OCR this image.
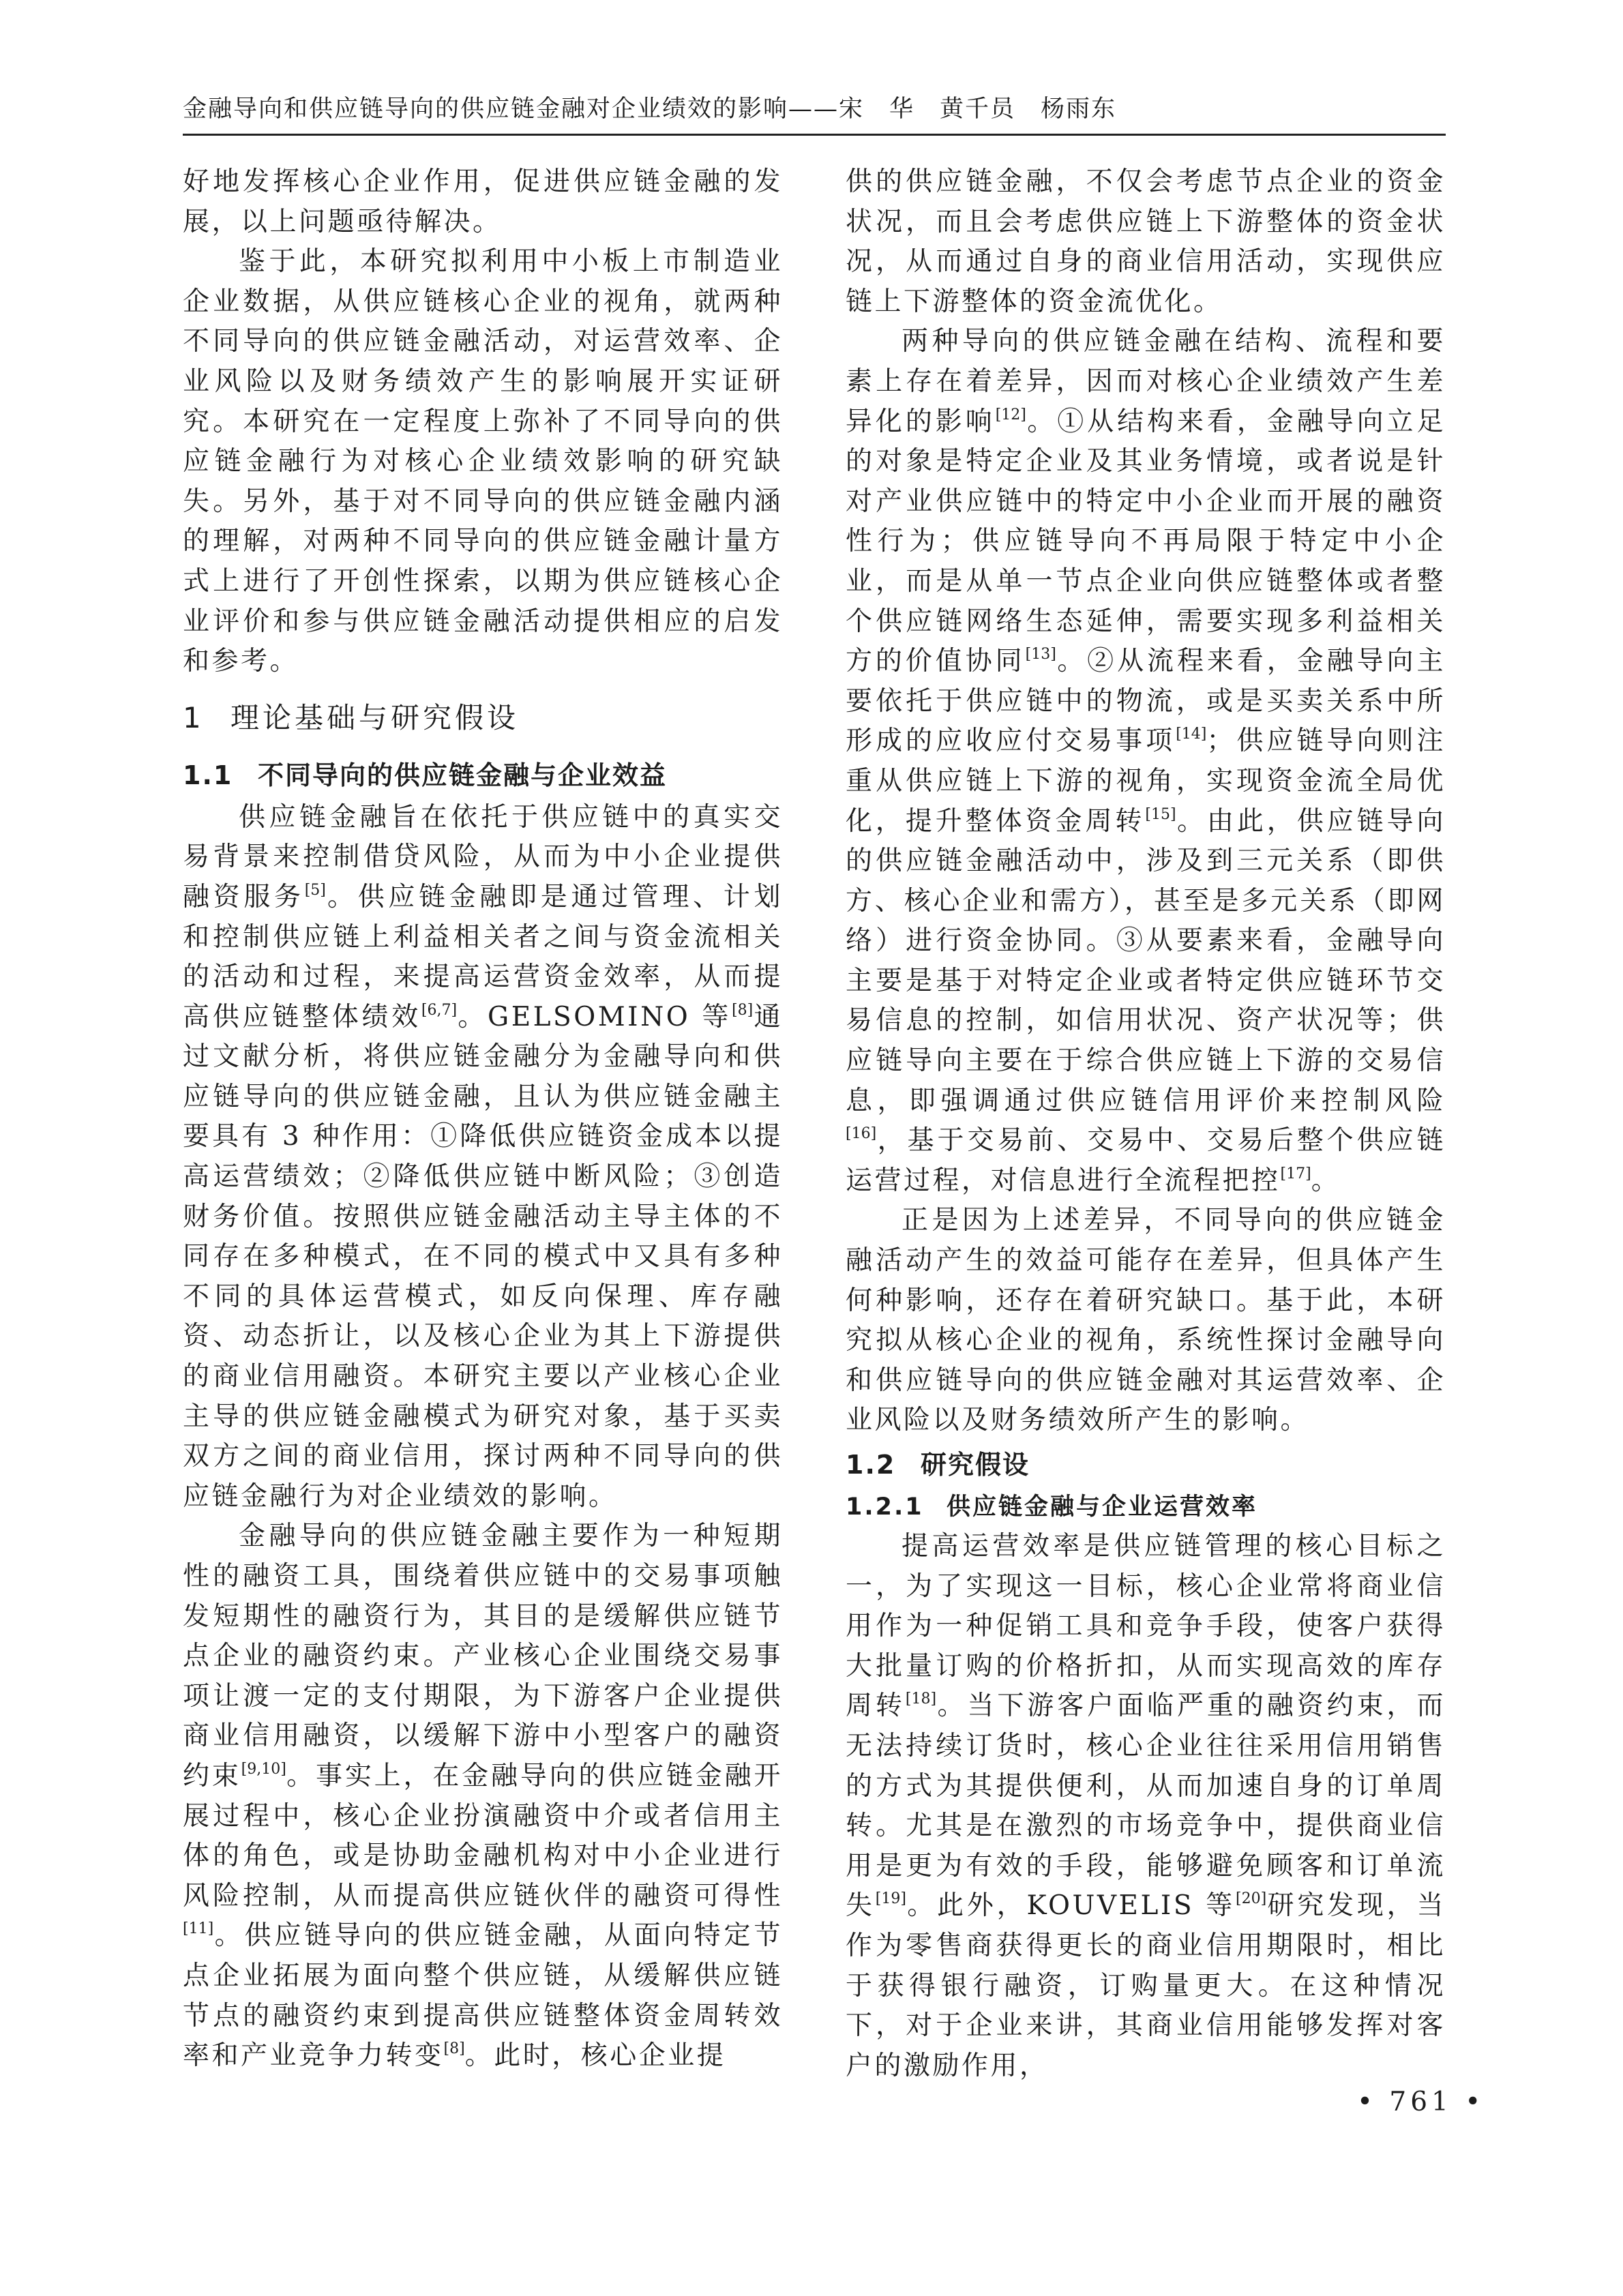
金融导向和供应链导向的供应链金融对企业绩效的影响——宋　华　黄千员　杨雨东

好地发挥核心企业作用，促进供应链金融的发展，以上问题亟待解决。

鉴于此，本研究拟利用中小板上市制造业企业数据，从供应链核心企业的视角，就两种不同导向的供应链金融活动，对运营效率、企业风险以及财务绩效产生的影响展开实证研究。本研究在一定程度上弥补了不同导向的供应链金融行为对核心企业绩效影响的研究缺失。另外，基于对不同导向的供应链金融内涵的理解，对两种不同导向的供应链金融计量方式上进行了开创性探索，以期为供应链核心企业评价和参与供应链金融活动提供相应的启发和参考。

1 理论基础与研究假设
1.1 不同导向的供应链金融与企业效益

供应链金融旨在依托于供应链中的真实交易背景来控制借贷风险，从而为中小企业提供融资服务[5]。供应链金融即是通过管理、计划和控制供应链上利益相关者之间与资金流相关的活动和过程，来提高运营资金效率，从而提高供应链整体绩效[6,7]。GELSOMINO 等[8]通过文献分析，将供应链金融分为金融导向和供应链导向的供应链金融，且认为供应链金融主要具有 3 种作用：①降低供应链资金成本以提高运营绩效；②降低供应链中断风险；③创造财务价值。按照供应链金融活动主导主体的不同存在多种模式，在不同的模式中又具有多种不同的具体运营模式，如反向保理、库存融资、动态折让，以及核心企业为其上下游提供的商业信用融资。本研究主要以产业核心企业主导的供应链金融模式为研究对象，基于买卖双方之间的商业信用，探讨两种不同导向的供应链金融行为对企业绩效的影响。

金融导向的供应链金融主要作为一种短期性的融资工具，围绕着供应链中的交易事项触发短期性的融资行为，其目的是缓解供应链节点企业的融资约束。产业核心企业围绕交易事项让渡一定的支付期限，为下游客户企业提供商业信用融资，以缓解下游中小型客户的融资约束[9,10]。事实上，在金融导向的供应链金融开展过程中，核心企业扮演融资中介或者信用主体的角色，或是协助金融机构对中小企业进行风险控制，从而提高供应链伙伴的融资可得性[11]。供应链导向的供应链金融，从面向特定节点企业拓展为面向整个供应链，从缓解供应链节点的融资约束到提高供应链整体资金周转效率和产业竞争力转变[8]。此时，核心企业提

供的供应链金融，不仅会考虑节点企业的资金状况，而且会考虑供应链上下游整体的资金状况，从而通过自身的商业信用活动，实现供应链上下游整体的资金流优化。

两种导向的供应链金融在结构、流程和要素上存在着差异，因而对核心企业绩效产生差异化的影响[12]。①从结构来看，金融导向立足的对象是特定企业及其业务情境，或者说是针对产业供应链中的特定中小企业而开展的融资性行为；供应链导向不再局限于特定中小企业，而是从单一节点企业向供应链整体或者整个供应链网络生态延伸，需要实现多利益相关方的价值协同[13]。②从流程来看，金融导向主要依托于供应链中的物流，或是买卖关系中所形成的应收应付交易事项[14]；供应链导向则注重从供应链上下游的视角，实现资金流全局优化，提升整体资金周转[15]。由此，供应链导向的供应链金融活动中，涉及到三元关系（即供方、核心企业和需方），甚至是多元关系（即网络）进行资金协同。③从要素来看，金融导向主要是基于对特定企业或者特定供应链环节交易信息的控制，如信用状况、资产状况等；供应链导向主要在于综合供应链上下游的交易信息，即强调通过供应链信用评价来控制风险[16]，基于交易前、交易中、交易后整个供应链运营过程，对信息进行全流程把控[17]。

正是因为上述差异，不同导向的供应链金融活动产生的效益可能存在差异，但具体产生何种影响，还存在着研究缺口。基于此，本研究拟从核心企业的视角，系统性探讨金融导向和供应链导向的供应链金融对其运营效率、企业风险以及财务绩效所产生的影响。

1.2 研究假设
1.2.1 供应链金融与企业运营效率

提高运营效率是供应链管理的核心目标之一，为了实现这一目标，核心企业常将商业信用作为一种促销工具和竞争手段，使客户获得大批量订购的价格折扣，从而实现高效的库存周转[18]。当下游客户面临严重的融资约束，而无法持续订货时，核心企业往往采用信用销售的方式为其提供便利，从而加速自身的订单周转。尤其是在激烈的市场竞争中，提供商业信用是更为有效的手段，能够避免顾客和订单流失[19]。此外，KOUVELIS 等[20]研究发现，当作为零售商获得更长的商业信用期限时，相比于获得银行融资，订购量更大。在这种情况下，对于企业来讲，其商业信用能够发挥对客户的激励作用，

• 761 •
